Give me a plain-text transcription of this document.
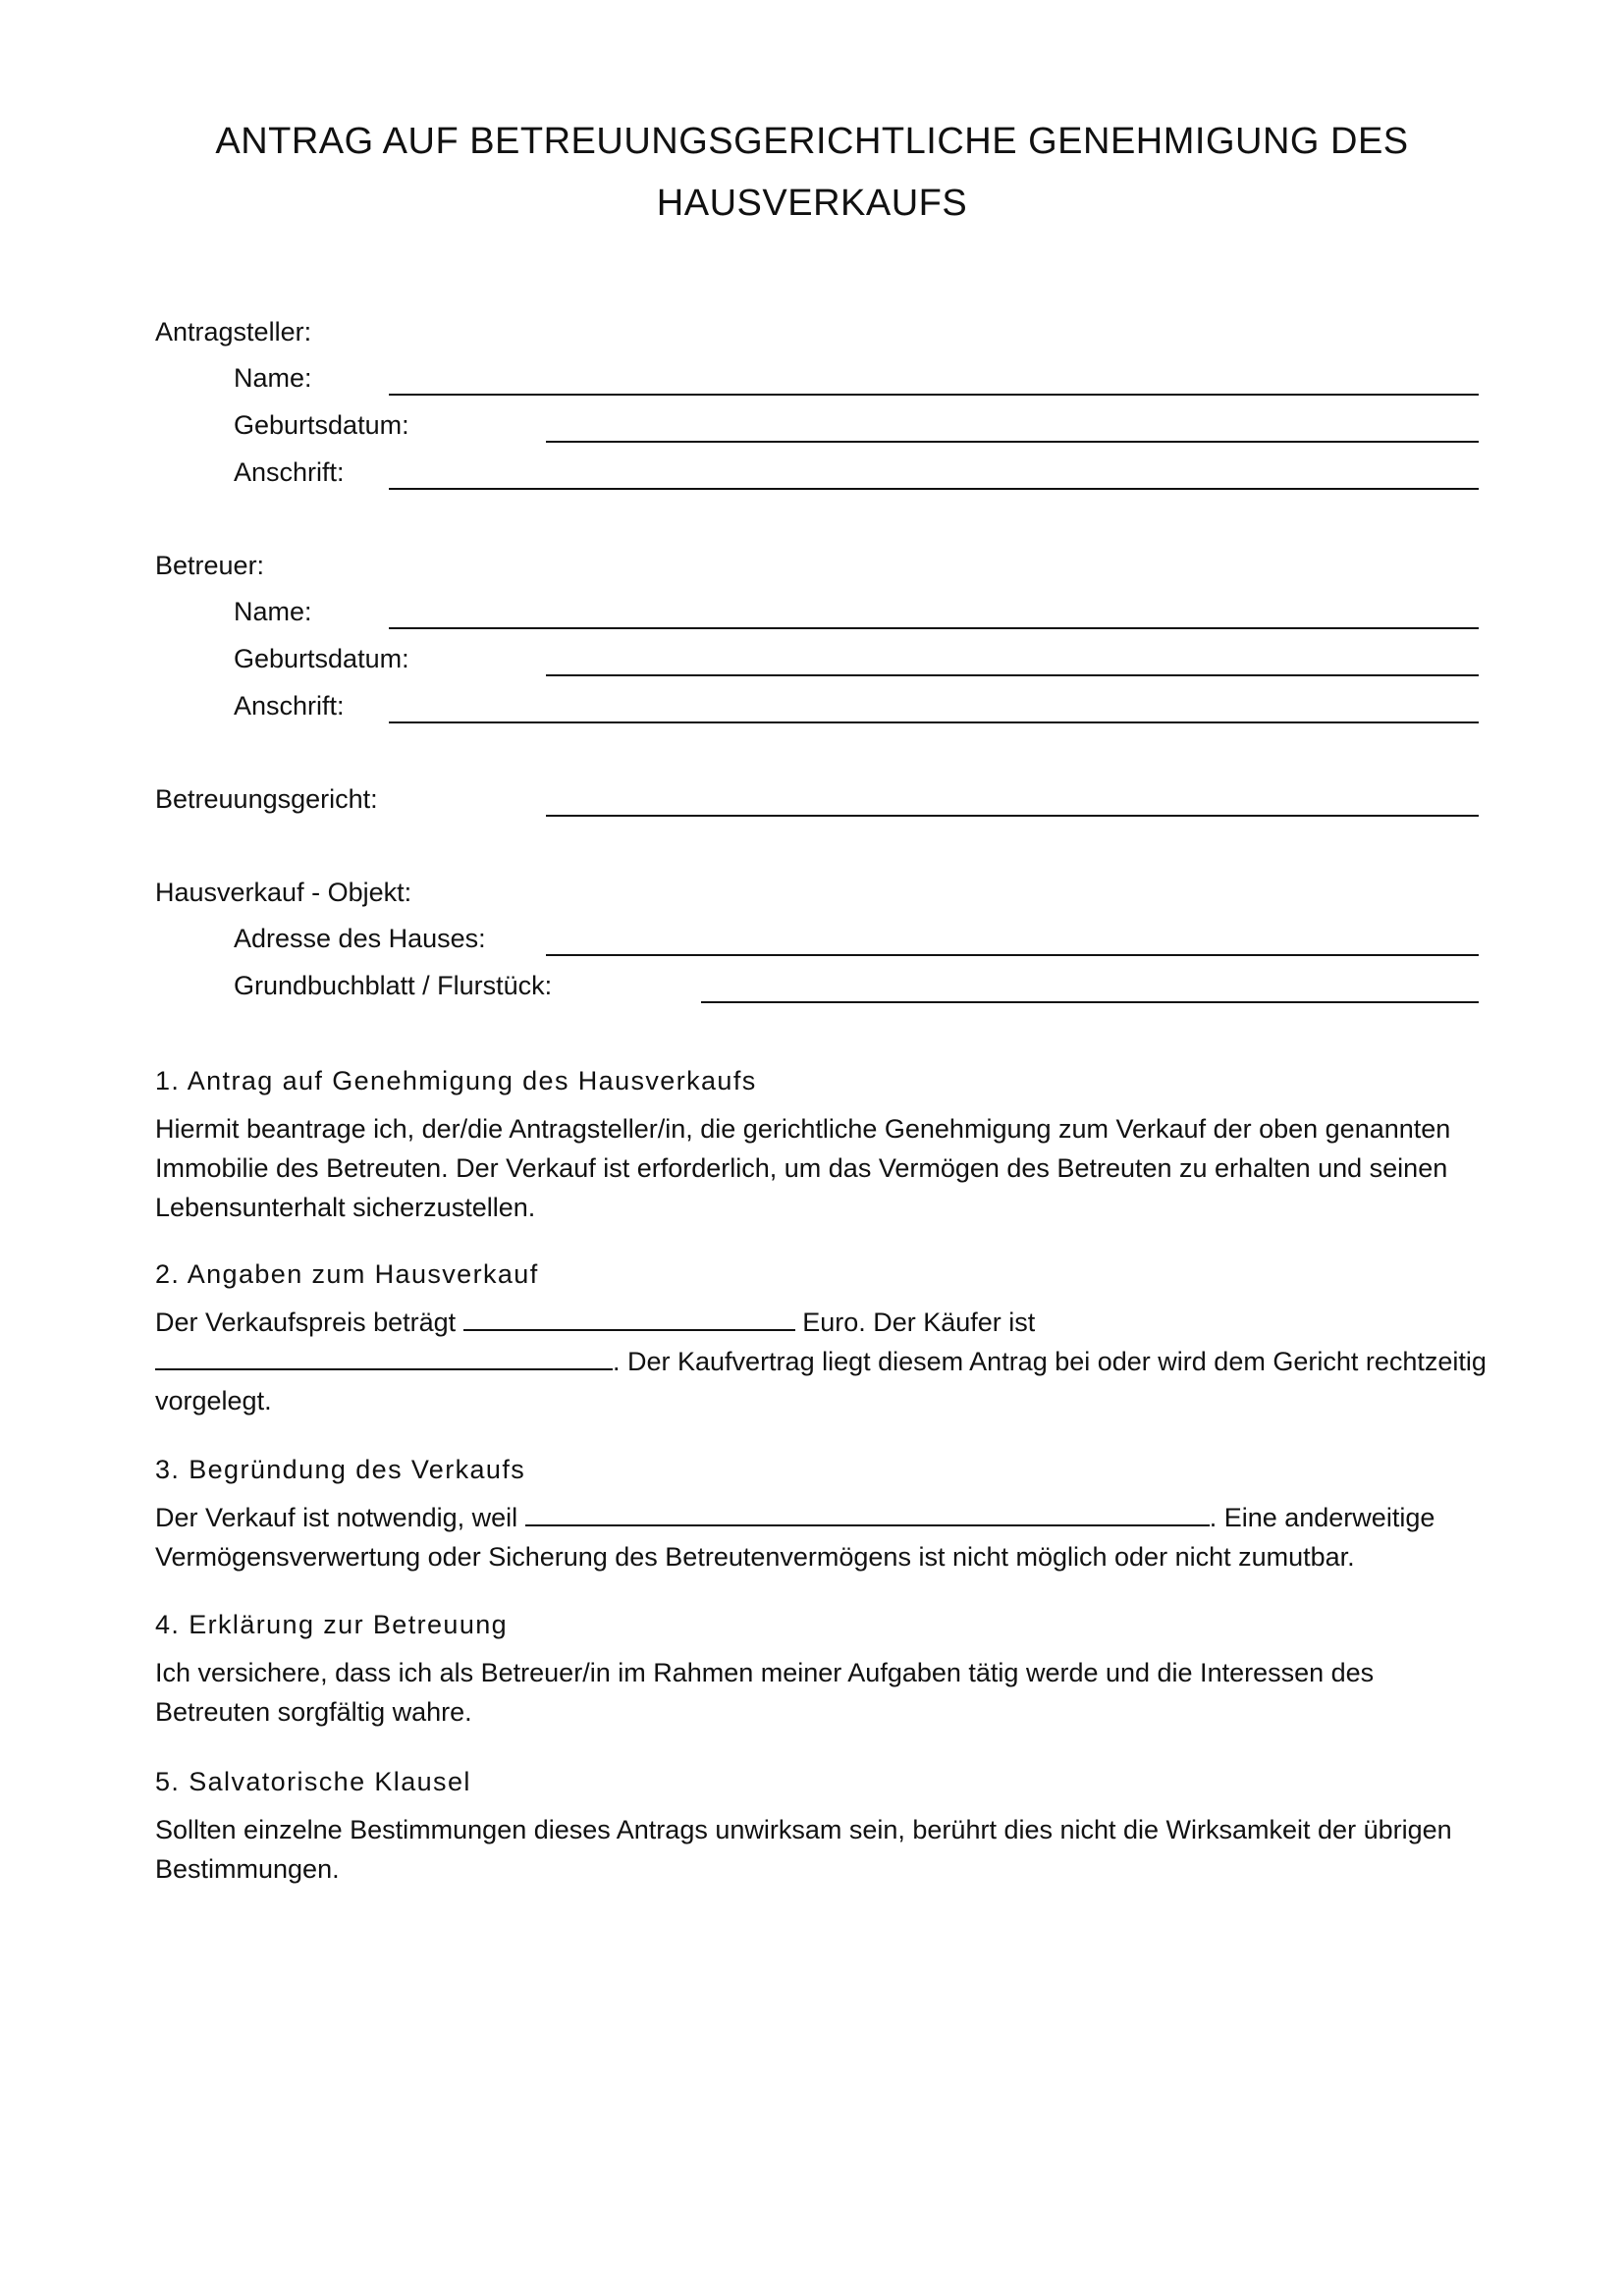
ANTRAG AUF BETREUUNGSGERICHTLICHE GENEHMIGUNG DES
HAUSVERKAUFS
Antragsteller:
Name:
Geburtsdatum:
Anschrift:
Betreuer:
Name:
Geburtsdatum:
Anschrift:
Betreuungsgericht:
Hausverkauf - Objekt:
Adresse des Hauses:
Grundbuchblatt / Flurstück:
1. Antrag auf Genehmigung des Hausverkaufs

Hiermit beantrage ich, der/die Antragsteller/in, die gerichtliche Genehmigung zum Verkauf der oben genannten Immobilie des Betreuten. Der Verkauf ist erforderlich, um das Vermögen des Betreuten zu erhalten und seinen Lebensunterhalt sicherzustellen.

2. Angaben zum Hausverkauf

Der Verkaufspreis beträgt	Euro. Der Käufer ist
. Der Kaufvertrag liegt diesem Antrag bei oder wird dem Gericht rechtzeitig vorgelegt.

3. Begründung des Verkaufs

Der Verkauf ist notwendig, weil	. Eine anderweitige Vermögensverwertung oder Sicherung des Betreutenvermögens ist nicht möglich oder nicht zumutbar.

4. Erklärung zur Betreuung

Ich versichere, dass ich als Betreuer/in im Rahmen meiner Aufgaben tätig werde und die Interessen des Betreuten sorgfältig wahre.

5. Salvatorische Klausel

Sollten einzelne Bestimmungen dieses Antrags unwirksam sein, berührt dies nicht die Wirksamkeit der übrigen Bestimmungen.
